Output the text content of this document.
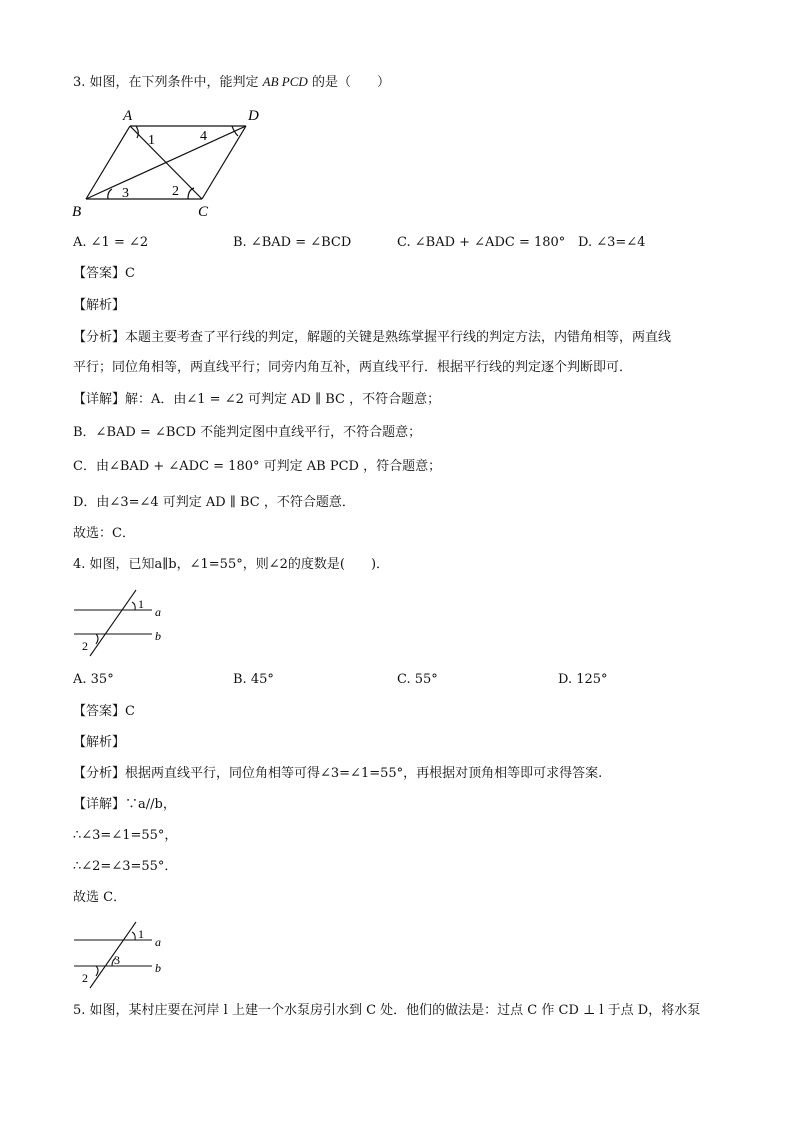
3. 如图，在下列条件中，能判定 AB PCD 的是（　　）
A	D
B	C
1	4
3	2
A. ∠1 = ∠2	B. ∠BAD = ∠BCD	C. ∠BAD + ∠ADC = 180° D. ∠3=∠4
【答案】C
【解析】
【分析】本题主要考查了平行线的判定，解题的关键是熟练掌握平行线的判定方法，内错角相等，两直线
平行；同位角相等，两直线平行；同旁内角互补，两直线平行．根据平行线的判定逐个判断即可．
【详解】解：A．由∠1 = ∠2 可判定 AD ∥ BC ，不符合题意；
B．∠BAD = ∠BCD 不能判定图中直线平行，不符合题意；
C．由∠BAD + ∠ADC = 180° 可判定 AB PCD ，符合题意；
D．由∠3=∠4 可判定 AD ∥ BC ，不符合题意．
故选：C．
4. 如图，已知a∥b，∠1=55°，则∠2的度数是(　　)．
1
2
a
b
A. 35°	B. 45°	C. 55°	D. 125°
【答案】C
【解析】
【分析】根据两直线平行，同位角相等可得∠3=∠1=55°，再根据对顶角相等即可求得答案.
【详解】∵a//b，
∴∠3=∠1=55°，
∴∠2=∠3=55°．
故选 C．
1
3
2
a
b
5. 如图，某村庄要在河岸 l 上建一个水泵房引水到 C 处．他们的做法是：过点 C 作 CD ⊥ l 于点 D，将水泵
